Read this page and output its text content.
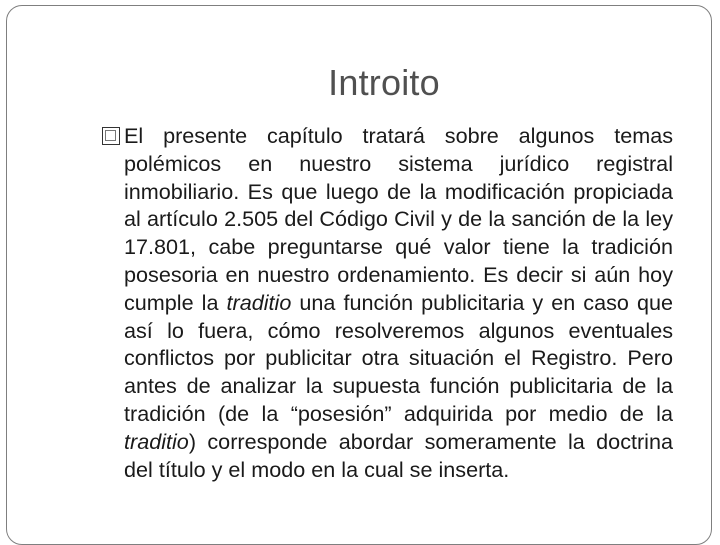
Introito

El presente capítulo tratará sobre algunos temas polémicos en nuestro sistema jurídico registral inmobiliario. Es que luego de la modificación propiciada al artículo 2.505 del Código Civil y de la sanción de la ley 17.801, cabe preguntarse qué valor tiene la tradición posesoria en nuestro ordenamiento. Es decir si aún hoy cumple la traditio una función publicitaria y en caso que así lo fuera, cómo resolveremos algunos eventuales conflictos por publicitar otra situación el Registro. Pero antes de analizar la supuesta función publicitaria de la tradición (de la “posesión” adquirida por medio de la traditio) corresponde abordar someramente la doctrina del título y el modo en la cual se inserta.
